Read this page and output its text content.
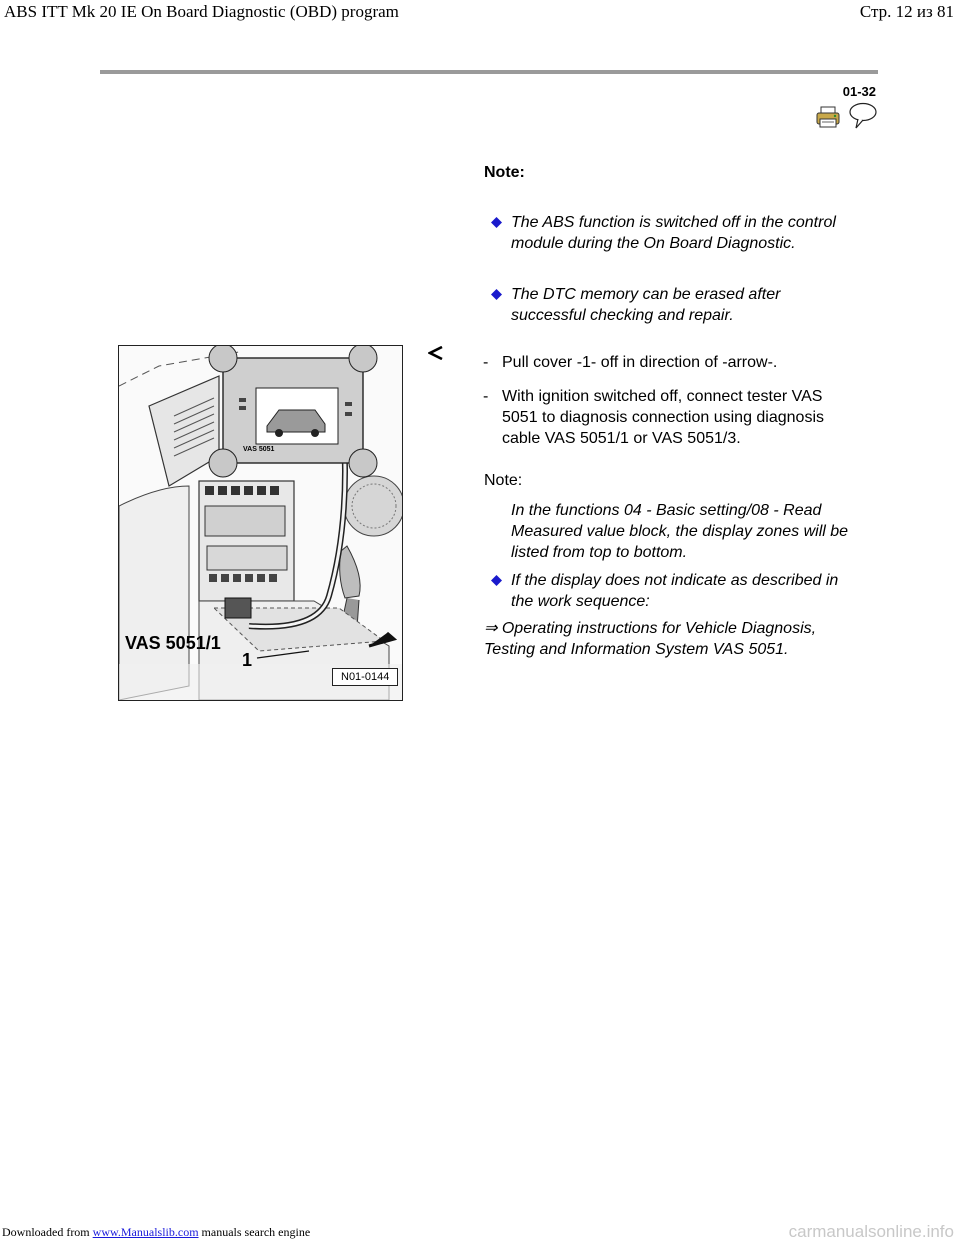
ABS ITT Mk 20 IE On Board Diagnostic (OBD) program	Стр. 12 из 81
01-32
Note:
The ABS function is switched off in the control
module during the On Board Diagnostic.
The DTC memory can be erased after
successful checking and repair.
VAS 5051
VAS 5051/1
1
N01-0144
- Pull cover -1- off in direction of -arrow-.
- With ignition switched off, connect tester VAS
5051 to diagnosis connection using diagnosis
cable VAS 5051/1 or VAS 5051/3.
Note:
In the functions 04 - Basic setting/08 - Read
Measured value block, the display zones will be
listed from top to bottom.
If the display does not indicate as described in
the work sequence:
⇒ Operating instructions for Vehicle Diagnosis,
Testing and Information System VAS 5051.
Downloaded from www.Manualslib.com manuals search engine	carmanualsonline.info
